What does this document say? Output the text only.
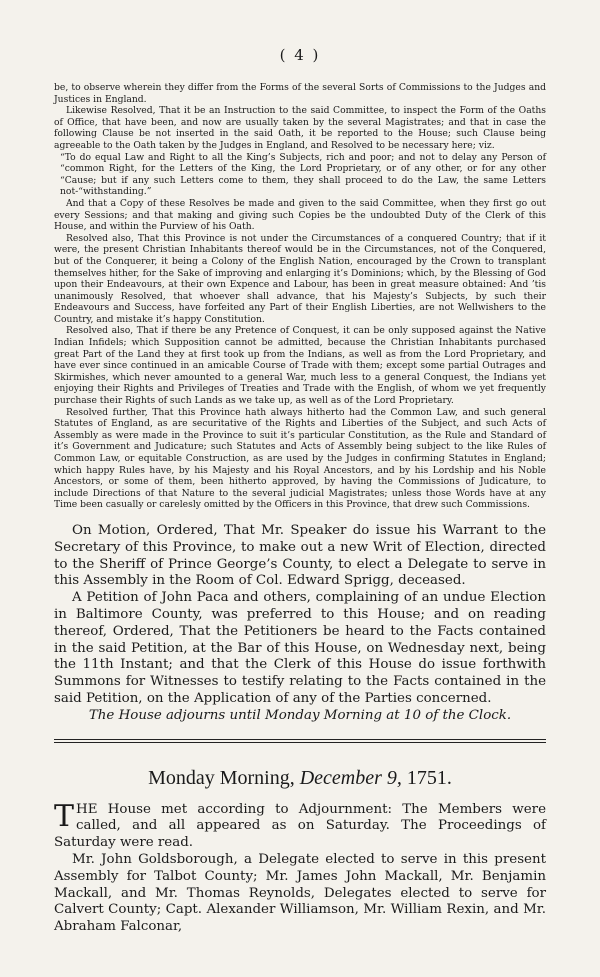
( 4 )

be, to observe wherein they differ from the Forms of the several Sorts of Commissions to the Judges and Justices in England.

Likewise Resolved, That it be an Instruction to the said Committee, to inspect the Form of the Oaths of Office, that have been, and now are usually taken by the several Magistrates; and that in case the following Clause be not inserted in the said Oath, it be reported to the House; such Clause being agreeable to the Oath taken by the Judges in England, and Resolved to be necessary here; viz.

“To do equal Law and Right to all the King’s Subjects, rich and poor; and not to delay any Person of “common Right, for the Letters of the King, the Lord Proprietary, or of any other, or for any other “Cause; but if any such Letters come to them, they shall proceed to do the Law, the same Letters not-“withstanding.”

And that a Copy of these Resolves be made and given to the said Committee, when they first go out every Sessions; and that making and giving such Copies be the undoubted Duty of the Clerk of this House, and within the Purview of his Oath.

Resolved also, That this Province is not under the Circumstances of a conquered Country; that if it were, the present Christian Inhabitants thereof would be in the Circumstances, not of the Conquered, but of the Conquerer, it being a Colony of the English Nation, encouraged by the Crown to transplant themselves hither, for the Sake of improving and enlarging it’s Dominions; which, by the Blessing of God upon their Endeavours, at their own Expence and Labour, has been in great measure obtained: And ’tis unanimously Resolved, that whoever shall advance, that his Majesty’s Subjects, by such their Endeavours and Success, have forfeited any Part of their English Liberties, are not Wellwishers to the Country, and mistake it’s happy Constitution.

Resolved also, That if there be any Pretence of Conquest, it can be only supposed against the Native Indian Infidels; which Supposition cannot be admitted, because the Christian Inhabitants purchased great Part of the Land they at first took up from the Indians, as well as from the Lord Proprietary, and have ever since continued in an amicable Course of Trade with them; except some partial Outrages and Skirmishes, which never amounted to a general War, much less to a general Conquest, the Indians yet enjoying their Rights and Privileges of Treaties and Trade with the English, of whom we yet frequently purchase their Rights of such Lands as we take up, as well as of the Lord Proprietary.

Resolved further, That this Province hath always hitherto had the Common Law, and such general Statutes of England, as are securitative of the Rights and Liberties of the Subject, and such Acts of Assembly as were made in the Province to suit it’s particular Constitution, as the Rule and Standard of it’s Government and Judicature; such Statutes and Acts of Assembly being subject to the like Rules of Common Law, or equitable Construction, as are used by the Judges in confirming Statutes in England; which happy Rules have, by his Majesty and his Royal Ancestors, and by his Lordship and his Noble Ancestors, or some of them, been hitherto approved, by having the Commissions of Judicature, to include Directions of that Nature to the several judicial Magistrates; unless those Words have at any Time been casually or carelesly omitted by the Officers in this Province, that drew such Commissions.

On Motion, Ordered, That Mr. Speaker do issue his Warrant to the Secretary of this Province, to make out a new Writ of Election, directed to the Sheriff of Prince George’s County, to elect a Delegate to serve in this Assembly in the Room of Col. Edward Sprigg, deceased.

A Petition of John Paca and others, complaining of an undue Election in Baltimore County, was preferred to this House; and on reading thereof, Ordered, That the Petitioners be heard to the Facts contained in the said Petition, at the Bar of this House, on Wednesday next, being the 11th Instant; and that the Clerk of this House do issue forthwith Summons for Witnesses to testify relating to the Facts contained in the said Petition, on the Application of any of the Parties concerned.

The House adjourns until Monday Morning at 10 of the Clock.

Monday Morning, December 9, 1751.

THE House met according to Adjournment: The Members were called, and all appeared as on Saturday. The Proceedings of Saturday were read.

Mr. John Goldsborough, a Delegate elected to serve in this present Assembly for Talbot County; Mr. James John Mackall, Mr. Benjamin Mackall, and Mr. Thomas Reynolds, Delegates elected to serve for Calvert County; Capt. Alexander Williamson, Mr. William Rexin, and Mr. Abraham Falconar,
